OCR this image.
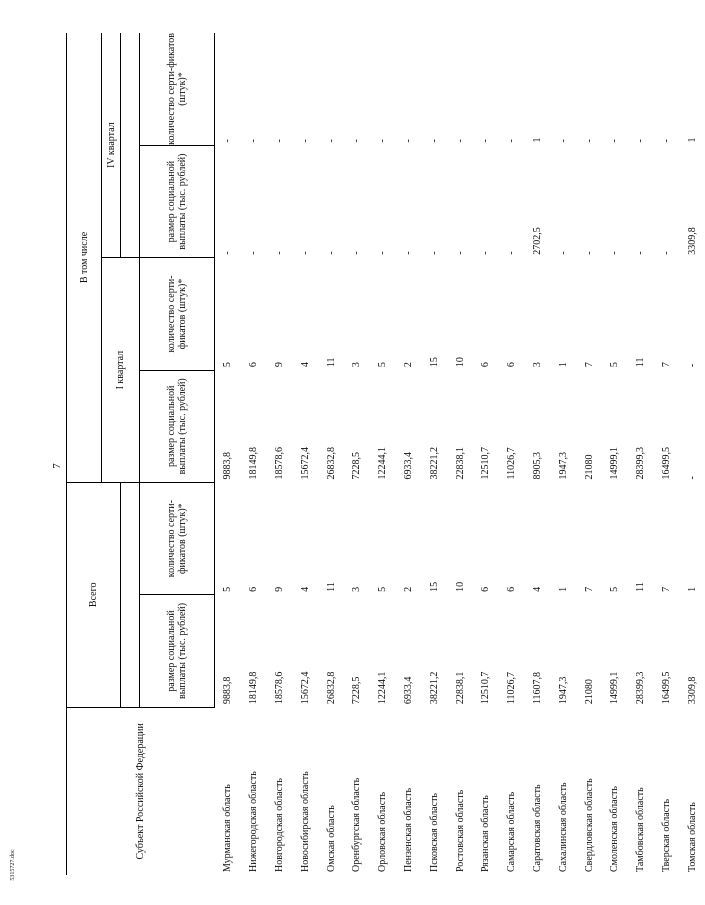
7
Субъект Российской Федерации	Всего		В том числе			
			I квартал		IV квартал	

	размер социальной выплаты (тыс. рублей)	количество серти-фикатов (штук)*	размер социальной выплаты (тыс. рублей)	количество серти-фикатов (штук)*	размер социальной выплаты (тыс. рублей)	количество серти-фикатов (штук)*
Мурманская область	9883,8	5	9883,8	5	-	-
Нижегородская область	18149,8	6	18149,8	6	-	-
Новгородская область	18578,6	9	18578,6	9	-	-
Новосибирская область	15672,4	4	15672,4	4	-	-
Омская область	26832,8	11	26832,8	11	-	-
Оренбургская область	7228,5	3	7228,5	3	-	-
Орловская область	12244,1	5	12244,1	5	-	-
Пензенская область	6933,4	2	6933,4	2	-	-
Псковская область	38221,2	15	38221,2	15	-	-
Ростовская область	22838,1	10	22838,1	10	-	-
Рязанская область	12510,7	6	12510,7	6	-	-
Самарская область	11026,7	6	11026,7	6	-	-
Саратовская область	11607,8	4	8905,3	3	2702,5	1
Сахалинская область	1947,3	1	1947,3	1	-	-
Свердловская область	21080	7	21080	7	-	-
Смоленская область	14999,1	5	14999,1	5	-	-
Тамбовская область	28399,3	11	28399,3	11	-	-
Тверская область	16499,5	7	16499,5	7	-	-
Томская область	3309,8	1	-	-	3309,8	1
5315727.doc
